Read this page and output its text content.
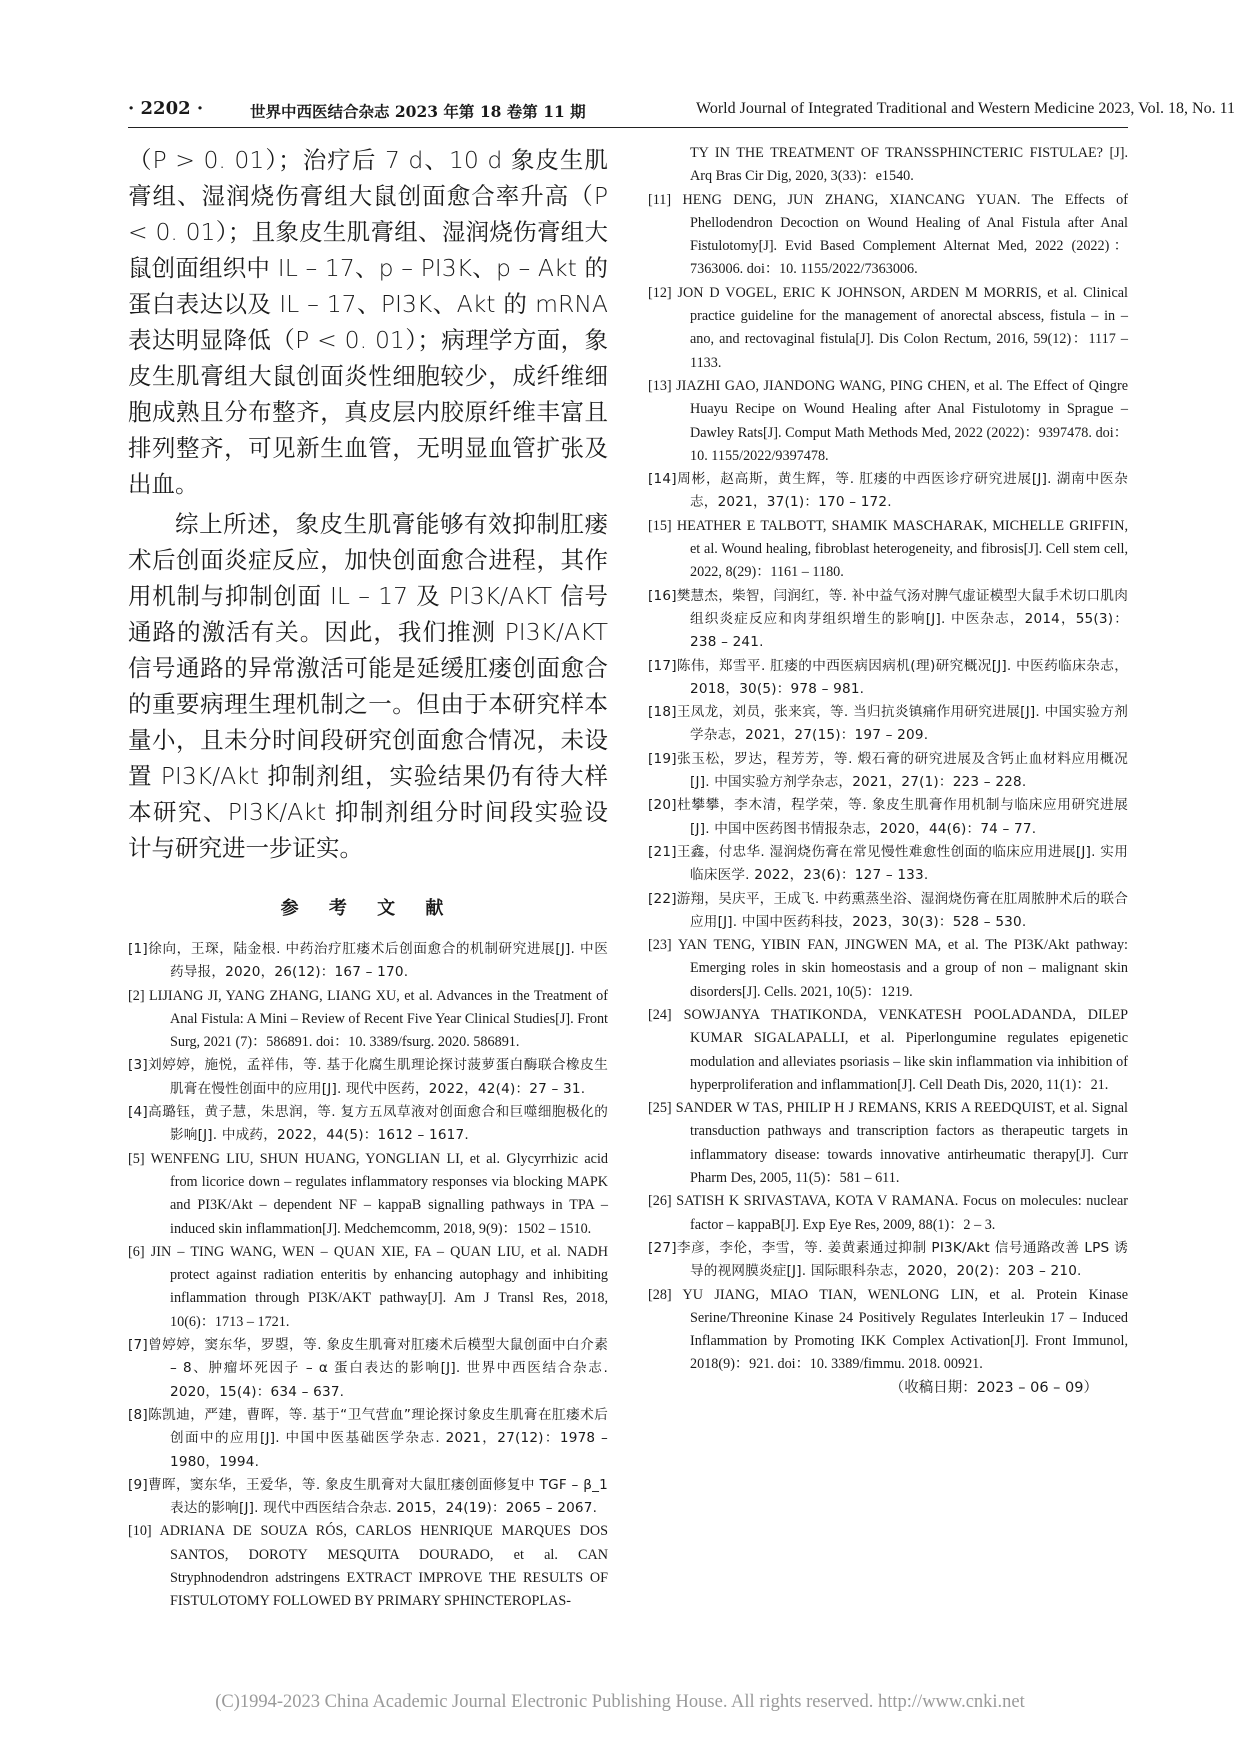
· 2202 ·	世界中西医结合杂志 2023 年第 18 卷第 11 期	World Journal of Integrated Traditional and Western Medicine 2023, Vol. 18, No. 11

（P > 0. 01）；治疗后 7 d、10 d 象皮生肌膏组、湿润烧伤膏组大鼠创面愈合率升高（P < 0. 01）；且象皮生肌膏组、湿润烧伤膏组大鼠创面组织中 IL – 17、p – PI3K、p – Akt 的蛋白表达以及 IL – 17、PI3K、Akt 的 mRNA 表达明显降低（P < 0. 01）；病理学方面，象皮生肌膏组大鼠创面炎性细胞较少，成纤维细胞成熟且分布整齐，真皮层内胶原纤维丰富且排列整齐，可见新生血管，无明显血管扩张及出血。

综上所述，象皮生肌膏能够有效抑制肛瘘术后创面炎症反应，加快创面愈合进程，其作用机制与抑制创面 IL – 17 及 PI3K/AKT 信号通路的激活有关。因此，我们推测 PI3K/AKT 信号通路的异常激活可能是延缓肛瘘创面愈合的重要病理生理机制之一。但由于本研究样本量小，且未分时间段研究创面愈合情况，未设置 PI3K/Akt 抑制剂组，实验结果仍有待大样本研究、PI3K/Akt 抑制剂组分时间段实验设计与研究进一步证实。

参 考 文 献
[1]徐向，王琛，陆金根. 中药治疗肛瘘术后创面愈合的机制研究进展[J]. 中医药导报，2020，26(12)：167 – 170.
[2] LIJIANG JI, YANG ZHANG, LIANG XU, et al. Advances in the Treatment of Anal Fistula: A Mini – Review of Recent Five Year Clinical Studies[J]. Front Surg, 2021 (7)：586891. doi：10. 3389/fsurg. 2020. 586891.
[3]刘婷婷，施悦，孟祥伟，等. 基于化腐生肌理论探讨菠萝蛋白酶联合橡皮生肌膏在慢性创面中的应用[J]. 现代中医药，2022，42(4)：27 – 31.
[4]高璐钰，黄子慧，朱思润，等. 复方五凤草液对创面愈合和巨噬细胞极化的影响[J]. 中成药，2022，44(5)：1612 – 1617.
[5] WENFENG LIU, SHUN HUANG, YONGLIAN LI, et al. Glycyrrhizic acid from licorice down – regulates inflammatory responses via blocking MAPK and PI3K/Akt – dependent NF – kappaB signalling pathways in TPA – induced skin inflammation[J]. Medchemcomm, 2018, 9(9)：1502 – 1510.
[6] JIN – TING WANG, WEN – QUAN XIE, FA – QUAN LIU, et al. NADH protect against radiation enteritis by enhancing autophagy and inhibiting inflammation through PI3K/AKT pathway[J]. Am J Transl Res, 2018, 10(6)：1713 – 1721.
[7]曾婷婷，窦东华，罗曌，等. 象皮生肌膏对肛瘘术后模型大鼠创面中白介素 – 8、肿瘤坏死因子 – α 蛋白表达的影响[J]. 世界中西医结合杂志. 2020，15(4)：634 – 637.
[8]陈凯迪，严建，曹晖，等. 基于“卫气营血”理论探讨象皮生肌膏在肛瘘术后创面中的应用[J]. 中国中医基础医学杂志. 2021，27(12)：1978 – 1980，1994.
[9]曹晖，窦东华，王爱华，等. 象皮生肌膏对大鼠肛瘘创面修复中 TGF – β_1 表达的影响[J]. 现代中西医结合杂志. 2015，24(19)：2065 – 2067.
[10] ADRIANA DE SOUZA RÓS, CARLOS HENRIQUE MARQUES DOS SANTOS, DOROTY MESQUITA DOURADO, et al. CAN Stryphnodendron adstringens EXTRACT IMPROVE THE RESULTS OF FISTULOTOMY FOLLOWED BY PRIMARY SPHINCTEROPLAS-
TY IN THE TREATMENT OF TRANSSPHINCTERIC FISTULAE? [J]. Arq Bras Cir Dig, 2020, 3(33)：e1540.
[11] HENG DENG, JUN ZHANG, XIANCANG YUAN. The Effects of Phellodendron Decoction on Wound Healing of Anal Fistula after Anal Fistulotomy[J]. Evid Based Complement Alternat Med, 2022 (2022)：7363006. doi：10. 1155/2022/7363006.
[12] JON D VOGEL, ERIC K JOHNSON, ARDEN M MORRIS, et al. Clinical practice guideline for the management of anorectal abscess, fistula – in – ano, and rectovaginal fistula[J]. Dis Colon Rectum, 2016, 59(12)：1117 – 1133.
[13] JIAZHI GAO, JIANDONG WANG, PING CHEN, et al. The Effect of Qingre Huayu Recipe on Wound Healing after Anal Fistulotomy in Sprague – Dawley Rats[J]. Comput Math Methods Med, 2022 (2022)：9397478. doi：10. 1155/2022/9397478.
[14]周彬，赵高斯，黄生辉，等. 肛瘘的中西医诊疗研究进展[J]. 湖南中医杂志，2021，37(1)：170 – 172.
[15] HEATHER E TALBOTT, SHAMIK MASCHARAK, MICHELLE GRIFFIN, et al. Wound healing, fibroblast heterogeneity, and fibrosis[J]. Cell stem cell, 2022, 8(29)：1161 – 1180.
[16]樊慧杰，柴智，闫润红，等. 补中益气汤对脾气虚证模型大鼠手术切口肌肉组织炎症反应和肉芽组织增生的影响[J]. 中医杂志，2014，55(3)：238 – 241.
[17]陈伟，郑雪平. 肛瘘的中西医病因病机(理)研究概况[J]. 中医药临床杂志，2018，30(5)：978 – 981.
[18]王凤龙，刘员，张来宾，等. 当归抗炎镇痛作用研究进展[J]. 中国实验方剂学杂志，2021，27(15)：197 – 209.
[19]张玉松，罗达，程芳芳，等. 煅石膏的研究进展及含钙止血材料应用概况[J]. 中国实验方剂学杂志，2021，27(1)：223 – 228.
[20]杜攀攀，李木清，程学荣，等. 象皮生肌膏作用机制与临床应用研究进展[J]. 中国中医药图书情报杂志，2020，44(6)：74 – 77.
[21]王鑫，付忠华. 湿润烧伤膏在常见慢性难愈性创面的临床应用进展[J]. 实用临床医学. 2022，23(6)：127 – 133.
[22]游翔，吴庆平，王成飞. 中药熏蒸坐浴、湿润烧伤膏在肛周脓肿术后的联合应用[J]. 中国中医药科技，2023，30(3)：528 – 530.
[23] YAN TENG, YIBIN FAN, JINGWEN MA, et al. The PI3K/Akt pathway: Emerging roles in skin homeostasis and a group of non – malignant skin disorders[J]. Cells. 2021, 10(5)：1219.
[24] SOWJANYA THATIKONDA, VENKATESH POOLADANDA, DILEP KUMAR SIGALAPALLI, et al. Piperlongumine regulates epigenetic modulation and alleviates psoriasis – like skin inflammation via inhibition of hyperproliferation and inflammation[J]. Cell Death Dis, 2020, 11(1)：21.
[25] SANDER W TAS, PHILIP H J REMANS, KRIS A REEDQUIST, et al. Signal transduction pathways and transcription factors as therapeutic targets in inflammatory disease: towards innovative antirheumatic therapy[J]. Curr Pharm Des, 2005, 11(5)：581 – 611.
[26] SATISH K SRIVASTAVA, KOTA V RAMANA. Focus on molecules: nuclear factor – kappaB[J]. Exp Eye Res, 2009, 88(1)：2 – 3.
[27]李彦，李伦，李雪，等. 姜黄素通过抑制 PI3K/Akt 信号通路改善 LPS 诱导的视网膜炎症[J]. 国际眼科杂志，2020，20(2)：203 – 210.
[28] YU JIANG, MIAO TIAN, WENLONG LIN, et al. Protein Kinase Serine/Threonine Kinase 24 Positively Regulates Interleukin 17 – Induced Inflammation by Promoting IKK Complex Activation[J]. Front Immunol, 2018(9)：921. doi：10. 3389/fimmu. 2018. 00921.
（收稿日期：2023 – 06 – 09）
(C)1994-2023 China Academic Journal Electronic Publishing House. All rights reserved. http://www.cnki.net
